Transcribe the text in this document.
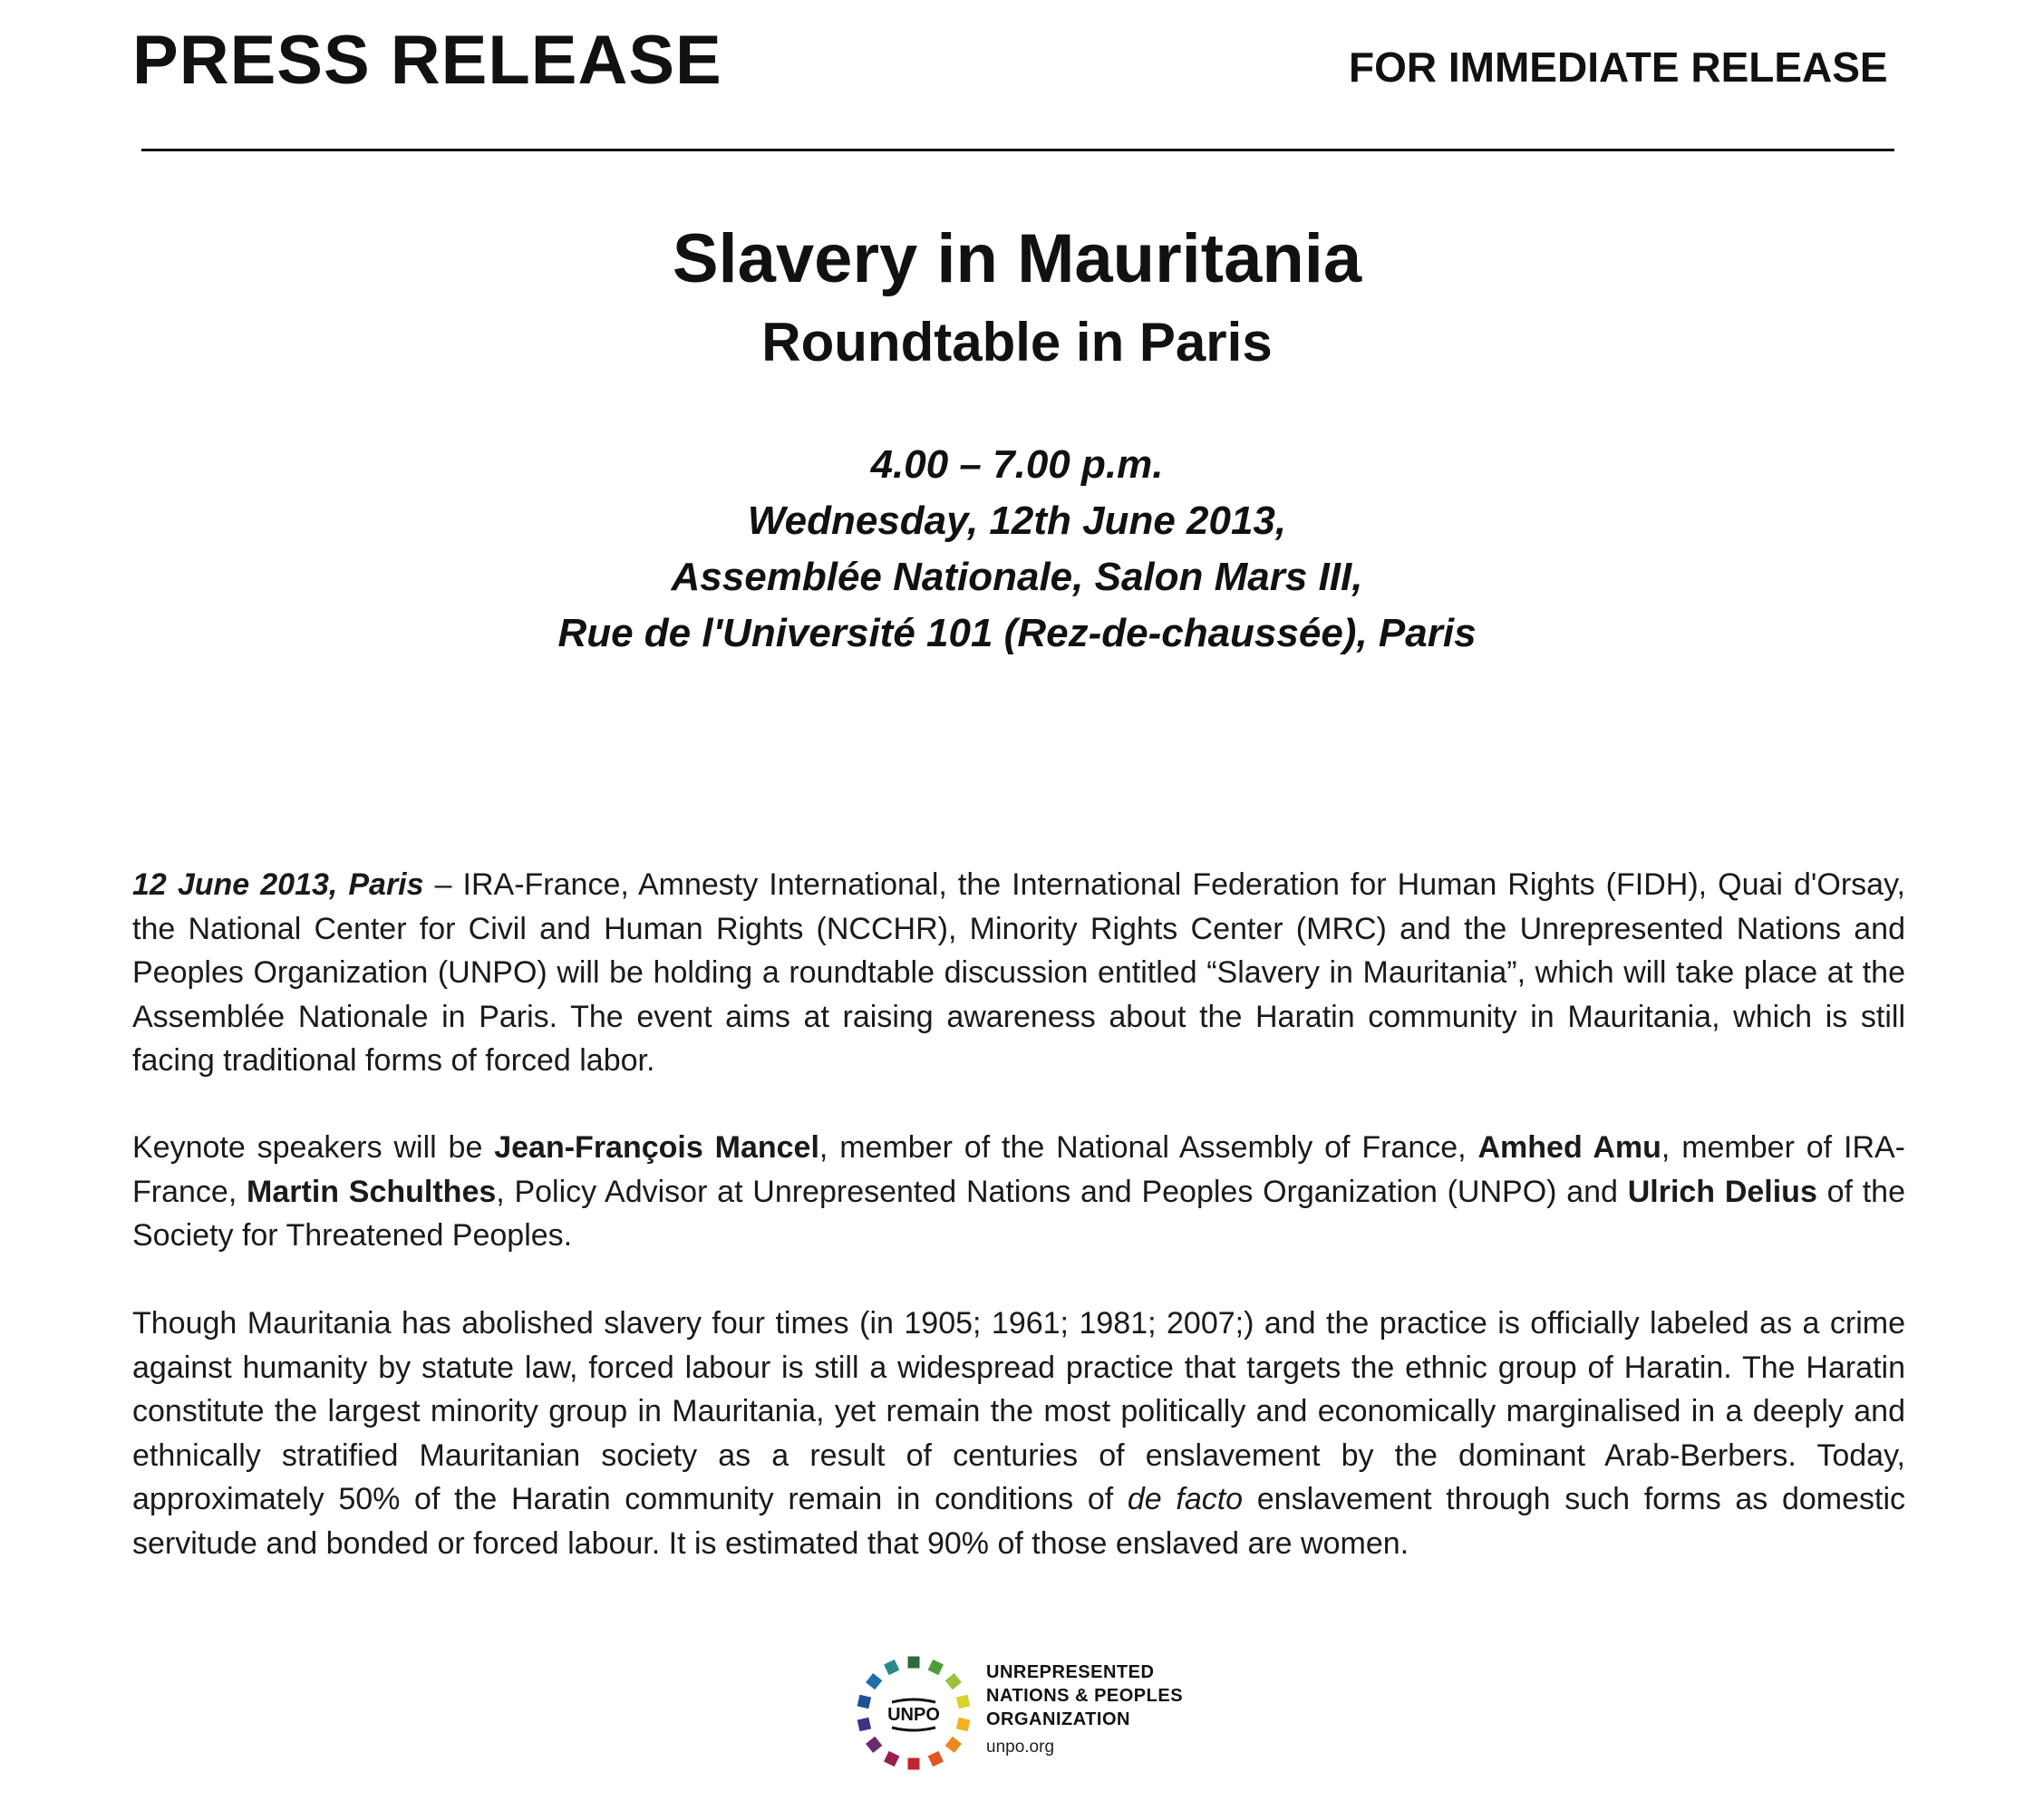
PRESS RELEASE	FOR IMMEDIATE RELEASE
Slavery in Mauritania
Roundtable in Paris
4.00 – 7.00 p.m.
Wednesday, 12th June 2013,
Assemblée Nationale, Salon Mars III,
Rue de l'Université 101 (Rez-de-chaussée), Paris
12 June 2013, Paris – IRA-France, Amnesty International, the International Federation for Human Rights (FIDH), Quai d'Orsay, the National Center for Civil and Human Rights (NCCHR), Minority Rights Center (MRC) and the Unrepresented Nations and Peoples Organization (UNPO) will be holding a roundtable discussion entitled “Slavery in Mauritania”, which will take place at the Assemblée Nationale in Paris. The event aims at raising awareness about the Haratin community in Mauritania, which is still facing traditional forms of forced labor.
Keynote speakers will be Jean-François Mancel, member of the National Assembly of France, Amhed Amu, member of IRA-France, Martin Schulthes, Policy Advisor at Unrepresented Nations and Peoples Organization (UNPO) and Ulrich Delius of the Society for Threatened Peoples.
Though Mauritania has abolished slavery four times (in 1905; 1961; 1981; 2007;) and the practice is officially labeled as a crime against humanity by statute law, forced labour is still a widespread practice that targets the ethnic group of Haratin. The Haratin constitute the largest minority group in Mauritania, yet remain the most politically and economically marginalised in a deeply and ethnically stratified Mauritanian society as a result of centuries of enslavement by the dominant Arab-Berbers. Today, approximately 50% of the Haratin community remain in conditions of de facto enslavement through such forms as domestic servitude and bonded or forced labour. It is estimated that 90% of those enslaved are women.
UNPO
UNREPRESENTED
NATIONS & PEOPLES
ORGANIZATION
unpo.org
